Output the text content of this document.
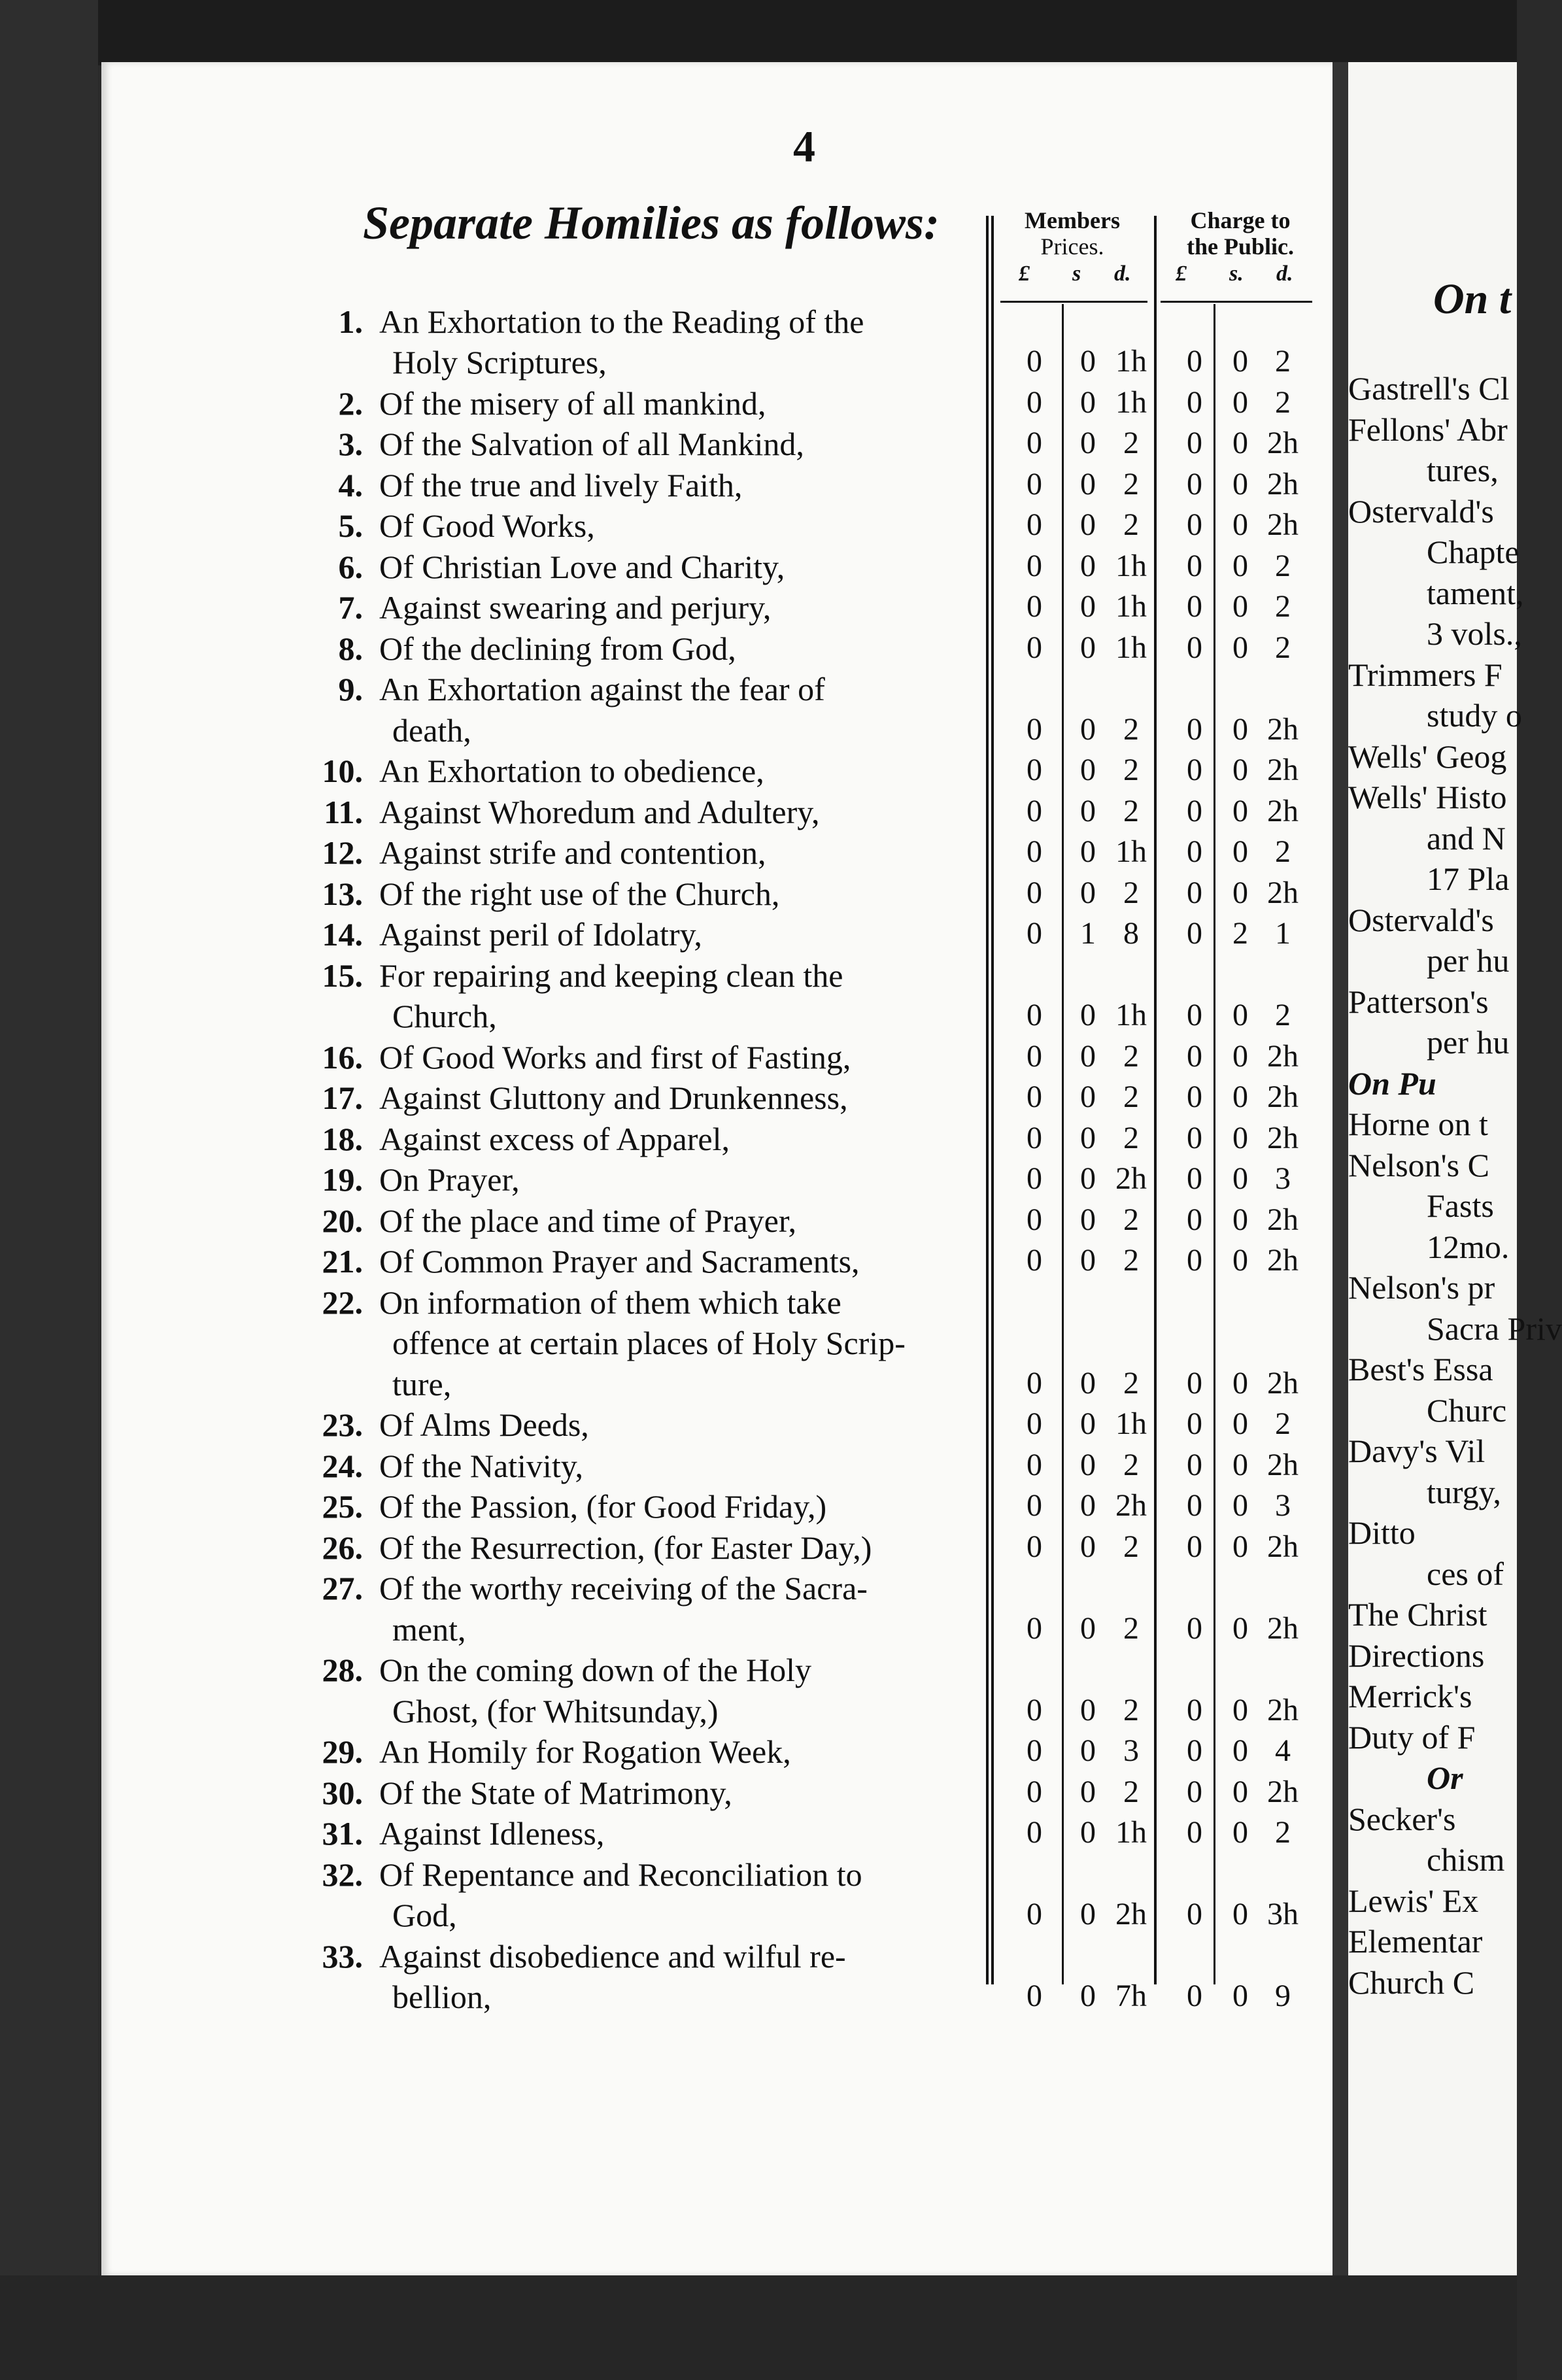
On t
Gastrell's Cl
Fellons' Abr
tures,
Ostervald's
Chapte
tament,
3 vols.,
Trimmers F
study o
Wells' Geog
Wells' Histo
and N
17 Pla
Ostervald's
per hu
Patterson's
per hu
On Pu
Horne on t
Nelson's C
Fasts
12mo.
Nelson's pr
Sacra Priv
Best's Essa
Churc
Davy's Vil
turgy,
Ditto
ces of
The Christ
Directions
Merrick's
Duty of F
Or
Secker's
chism
Lewis' Ex
Elementar
Church C
4
Separate Homilies as follows:	Members
Prices.
Charge to
the Public.
£ s d. £ s. d.
1. An Exhortation to the Reading of the
Holy Scriptures,	0	0 1h	0 0 2
2. Of the misery of all mankind,	0	0 1h	0 0 2
3. Of the Salvation of all Mankind,	0	0 2	0 0 2h
4. Of the true and lively Faith,	0	0 2	0 0 2h
5. Of Good Works,	0	0 2	0 0 2h
6. Of Christian Love and Charity,	0	0 1h	0 0 2
7. Against swearing and perjury,	0	0 1h	0 0 2
8. Of the declining from God,	0	0 1h	0 0 2
9. An Exhortation against the fear of
death,	0	0 2	0 0 2h
10. An Exhortation to obedience,	0	0 2	0 0 2h
11. Against Whoredum and Adultery,	0	0 2	0 0 2h
12. Against strife and contention,	0	0 1h	0 0 2
13. Of the right use of the Church,	0	0 2	0 0 2h
14. Against peril of Idolatry,	0	1 8	0 2 1
15. For repairing and keeping clean the
Church,	0	0 1h	0 0 2
16. Of Good Works and first of Fasting,	0	0 2	0 0 2h
17. Against Gluttony and Drunkenness,	0	0 2	0 0 2h
18. Against excess of Apparel,	0	0 2	0 0 2h
19. On Prayer,	0	0 2h	0 0 3
20. Of the place and time of Prayer,	0	0 2	0 0 2h
21. Of Common Prayer and Sacraments,	0	0 2	0 0 2h
22. On information of them which take
offence at certain places of Holy Scrip-
ture,	0	0 2	0 0 2h
23. Of Alms Deeds,	0	0 1h	0 0 2
24. Of the Nativity,	0	0 2	0 0 2h
25. Of the Passion, (for Good Friday,)	0	0 2h	0 0 3
26. Of the Resurrection, (for Easter Day,)	0	0 2	0 0 2h
27. Of the worthy receiving of the Sacra-
ment,	0	0 2	0 0 2h
28. On the coming down of the Holy
Ghost, (for Whitsunday,)	0	0 2	0 0 2h
29. An Homily for Rogation Week,	0	0 3	0 0 4
30. Of the State of Matrimony,	0	0 2	0 0 2h
31. Against Idleness,	0	0 1h	0 0 2
32. Of Repentance and Reconciliation to
God,	0	0 2h	0 0 3h
33. Against disobedience and wilful re-
bellion,	0	0 7h	0 0 9
